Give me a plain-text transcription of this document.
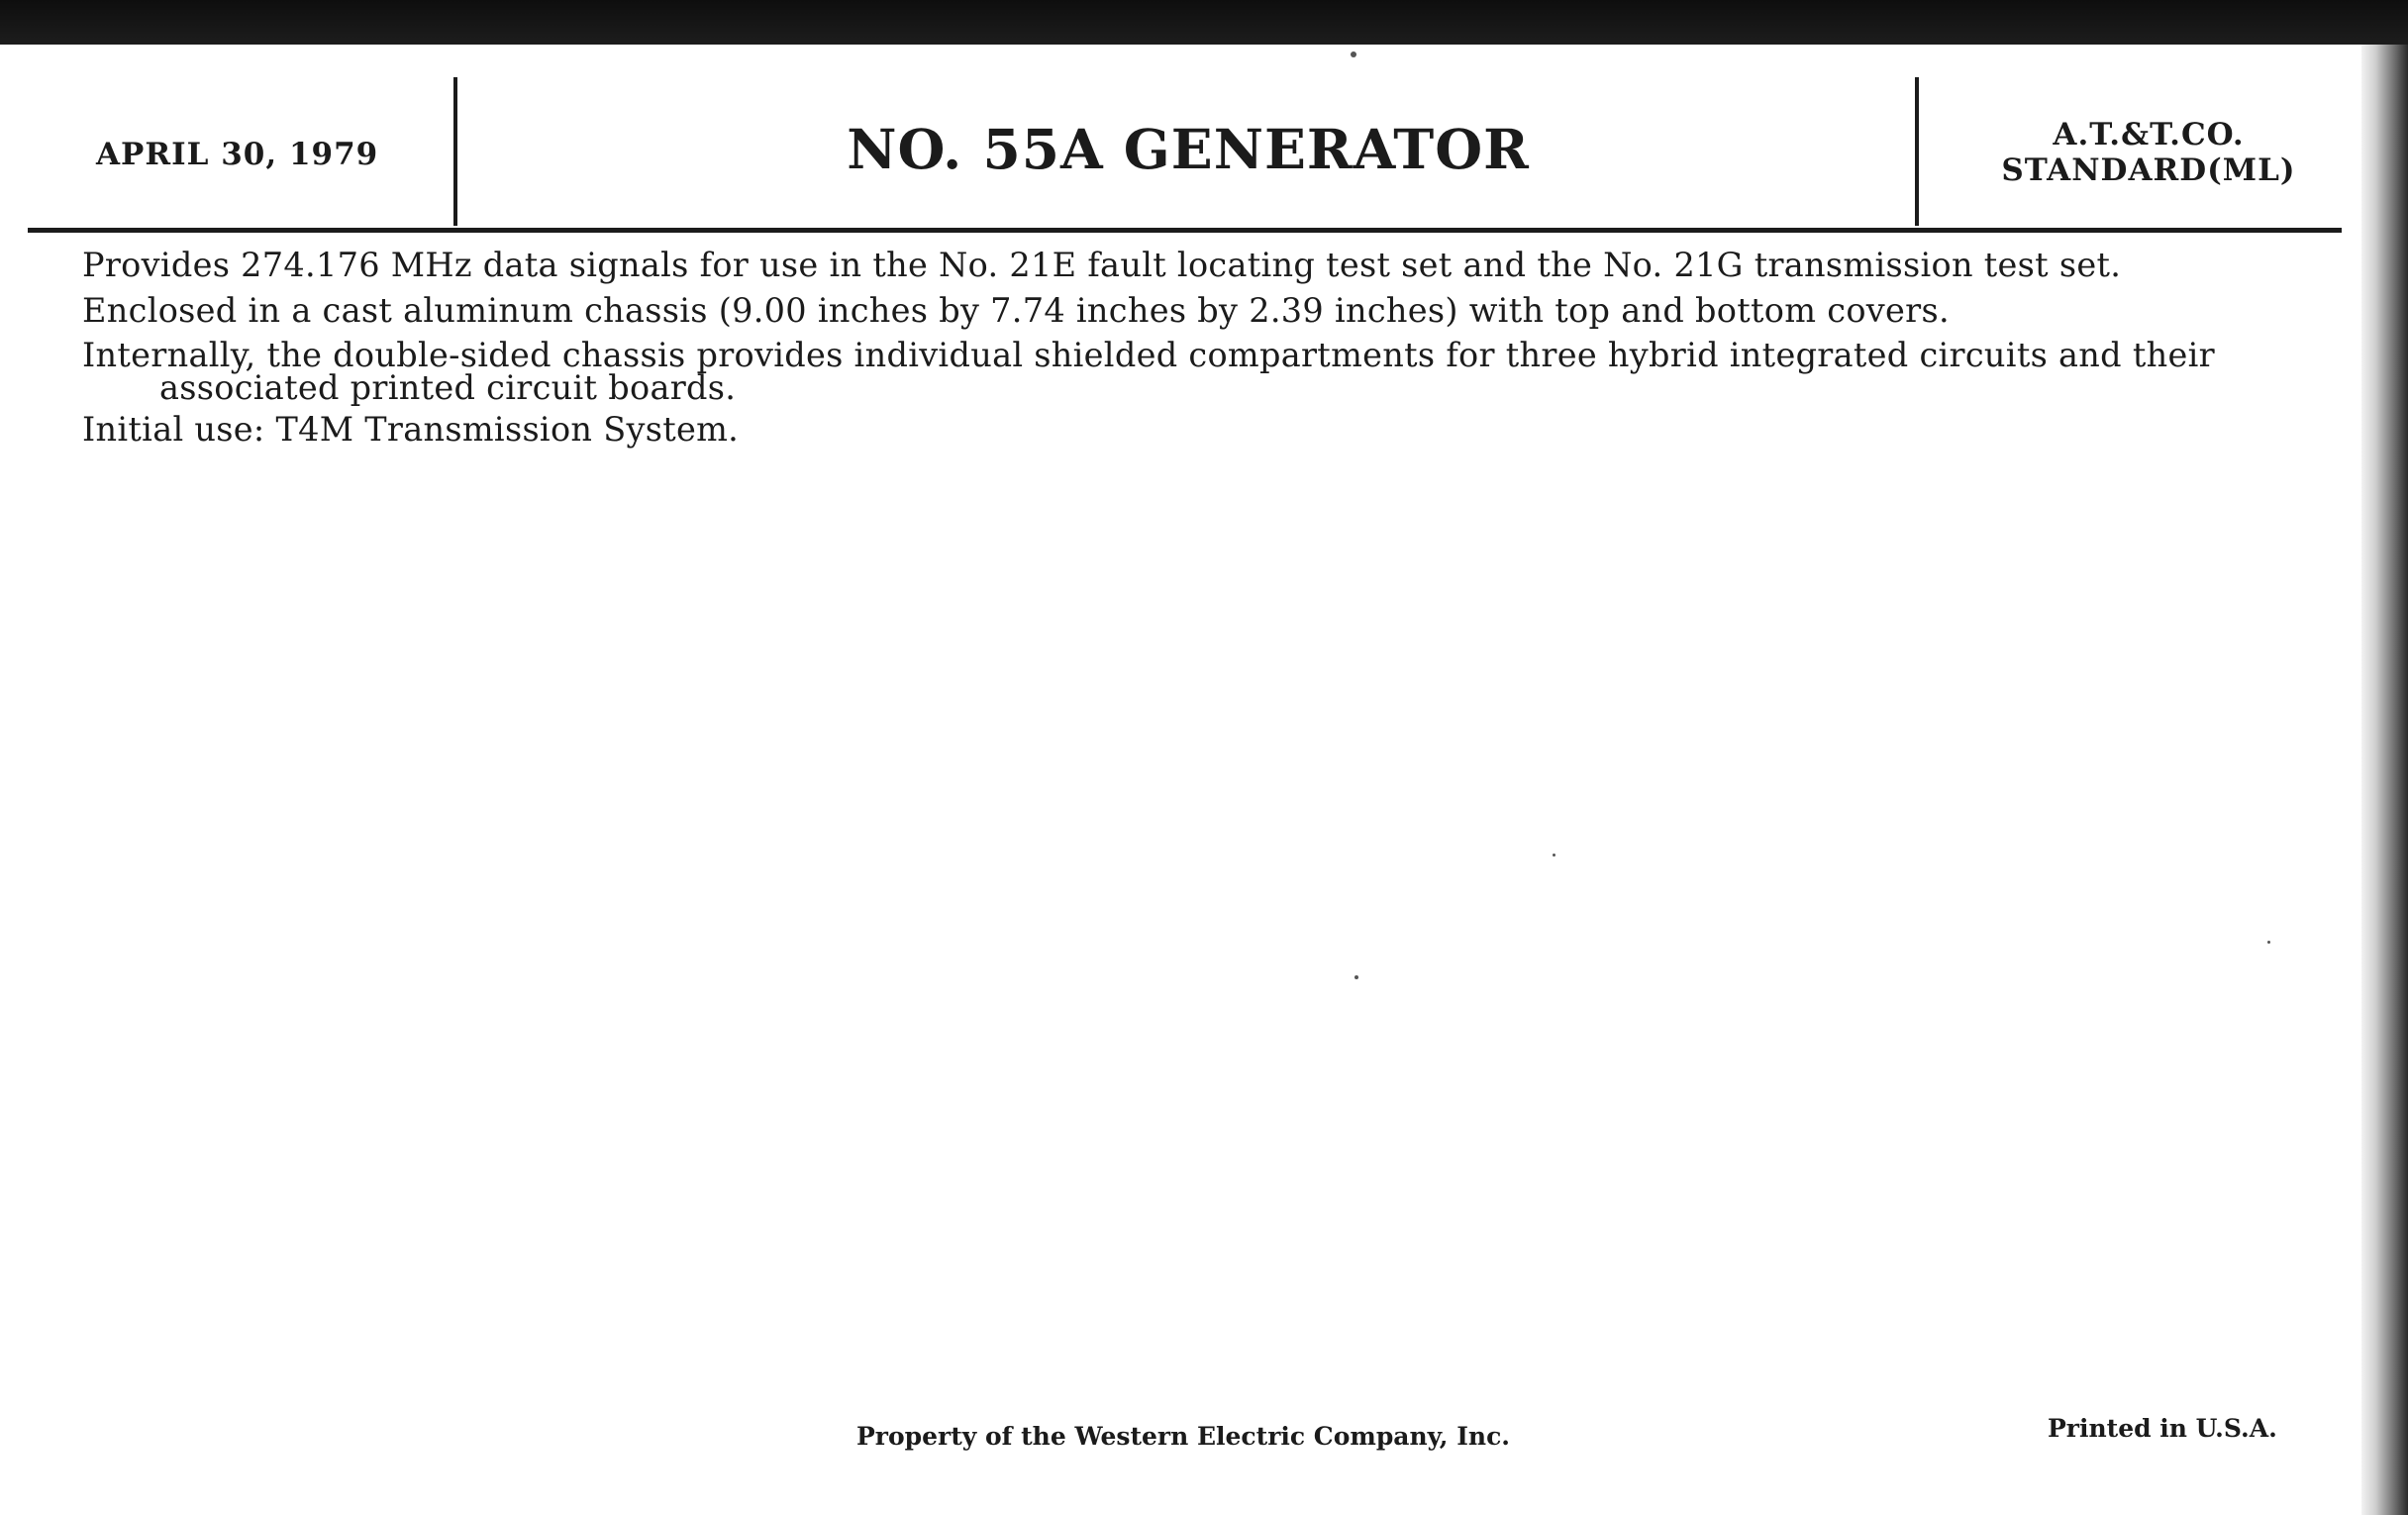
APRIL 30, 1979	NO. 55A GENERATOR	A.T.&T.CO.
STANDARD(ML)

Provides 274.176 MHz data signals for use in the No. 21E fault locating test set and the No. 21G transmission test set.

Enclosed in a cast aluminum chassis (9.00 inches by 7.74 inches by 2.39 inches) with top and bottom covers.

Internally, the double-sided chassis provides individual shielded compartments for three hybrid integrated circuits and their associated printed circuit boards.

Initial use: T4M Transmission System.

Property of the Western Electric Company, Inc.	Printed in U.S.A.
